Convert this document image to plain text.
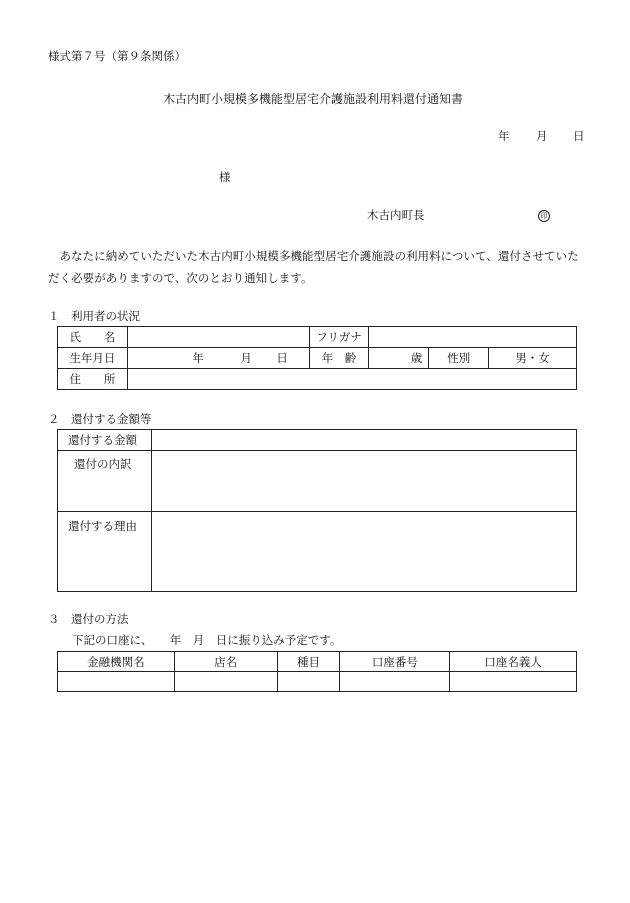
様式第７号（第９条関係）
木古内町小規模多機能型居宅介護施設利用料還付通知書
年 月 日
様
木古内町長	印
あなたに納めていただいた木古内町小規模多機能型居宅介護施設の利用料について、還付させていただく必要がありますので、次のとおり通知します。
１　利用者の状況
氏　　名		フリガナ			
生年月日	年 月 日	年　齢	歳	性別	男・女
住　　所					
２　還付する金額等
還付する金額	
還付の内訳	
還付する理由	
３　還付の方法
下記の口座に、　　年　月　日に振り込み予定です。
金融機関名	店名	種目	口座番号	口座名義人
